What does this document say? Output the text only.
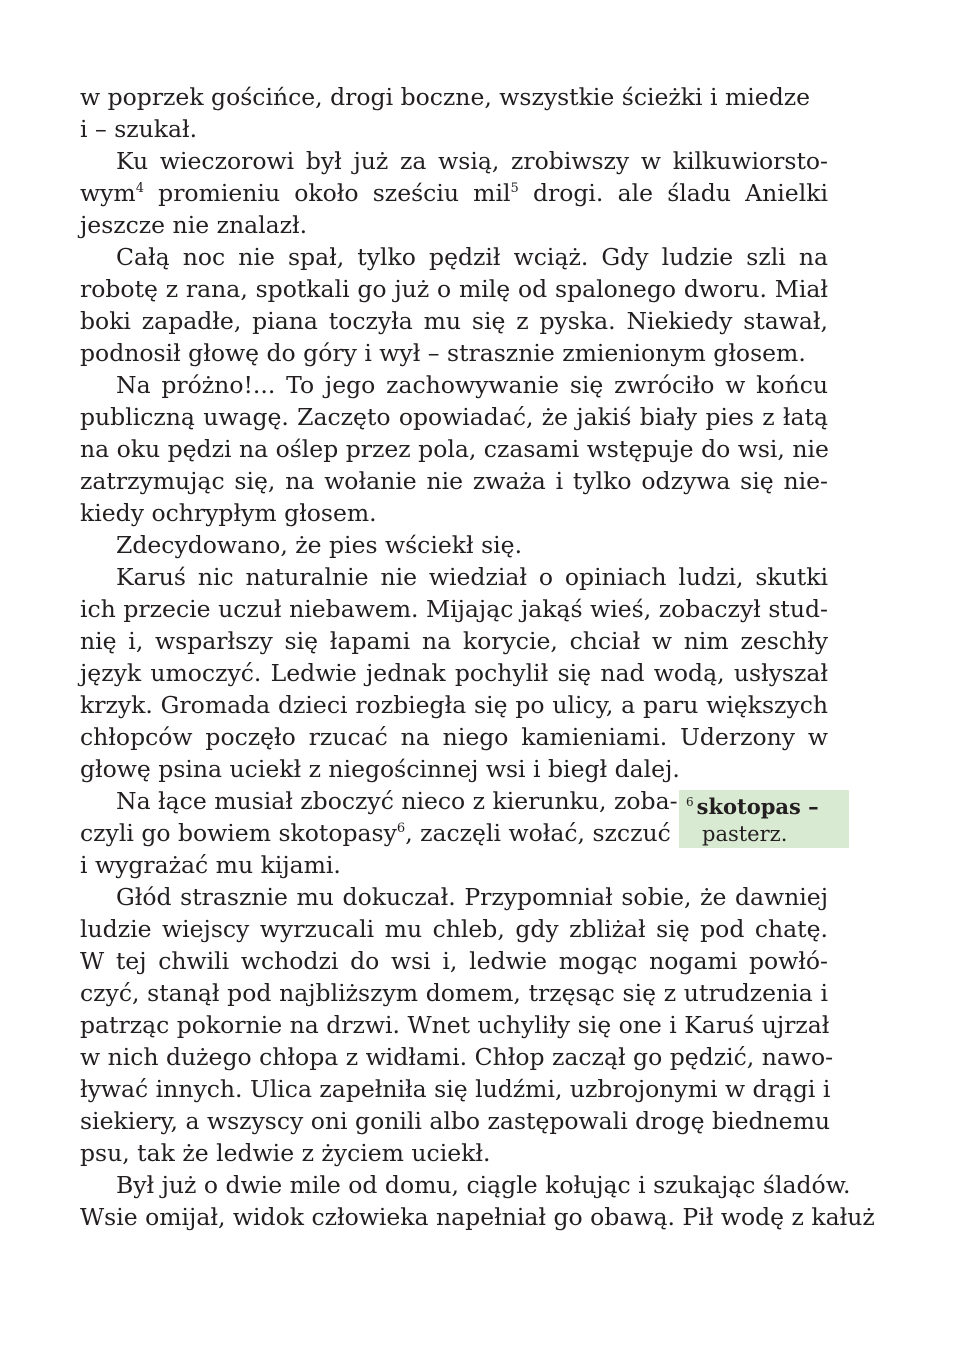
w poprzek gościńce, drogi boczne, wszystkie ścieżki i miedze
i – szukał.
Ku wieczorowi był już za wsią, zrobiwszy w kilkuwiorsto-
wym$^4$ promieniu około sześciu mil$^5$ drogi. ale śladu Anielki
jeszcze nie znalazł.
Całą noc nie spał, tylko pędził wciąż. Gdy ludzie szli na
robotę z rana, spotkali go już o milę od spalonego dworu. Miał
boki zapadłe, piana toczyła mu się z pyska. Niekiedy stawał,
podnosił głowę do góry i wył – strasznie zmienionym głosem.
Na próżno!... To jego zachowywanie się zwróciło w końcu
publiczną uwagę. Zaczęto opowiadać, że jakiś biały pies z łatą
na oku pędzi na oślep przez pola, czasami wstępuje do wsi, nie
zatrzymując się, na wołanie nie zważa i tylko odzywa się nie-
kiedy ochrypłym głosem.
Zdecydowano, że pies wściekł się.
Karuś nic naturalnie nie wiedział o opiniach ludzi, skutki
ich przecie uczuł niebawem. Mijając jakąś wieś, zobaczył stud-
nię i, wsparłszy się łapami na korycie, chciał w nim zeschły
język umoczyć. Ledwie jednak pochylił się nad wodą, usłyszał
krzyk. Gromada dzieci rozbiegła się po ulicy, a paru większych
chłopców poczęło rzucać na niego kamieniami. Uderzony w
głowę psina uciekł z niegościnnej wsi i biegł dalej.
Na łące musiał zboczyć nieco z kierunku, zoba-
czyli go bowiem skotopasy$^6$, zaczęli wołać, szczuć
i wygrażać mu kijami.
Głód strasznie mu dokuczał. Przypomniał sobie, że dawniej
ludzie wiejscy wyrzucali mu chleb, gdy zbliżał się pod chatę.
W tej chwili wchodzi do wsi i, ledwie mogąc nogami powłó-
czyć, stanął pod najbliższym domem, trzęsąc się z utrudzenia i
patrząc pokornie na drzwi. Wnet uchyliły się one i Karuś ujrzał
w nich dużego chłopa z widłami. Chłop zaczął go pędzić, nawo-
ływać innych. Ulica zapełniła się ludźmi, uzbrojonymi w drągi i
siekiery, a wszyscy oni gonili albo zastępowali drogę biednemu
psu, tak że ledwie z życiem uciekł.
Był już o dwie mile od domu, ciągle kołując i szukając śladów.
Wsie omijał, widok człowieka napełniał go obawą. Pił wodę z kałuż
$^6$ skotopas –
pasterz.
